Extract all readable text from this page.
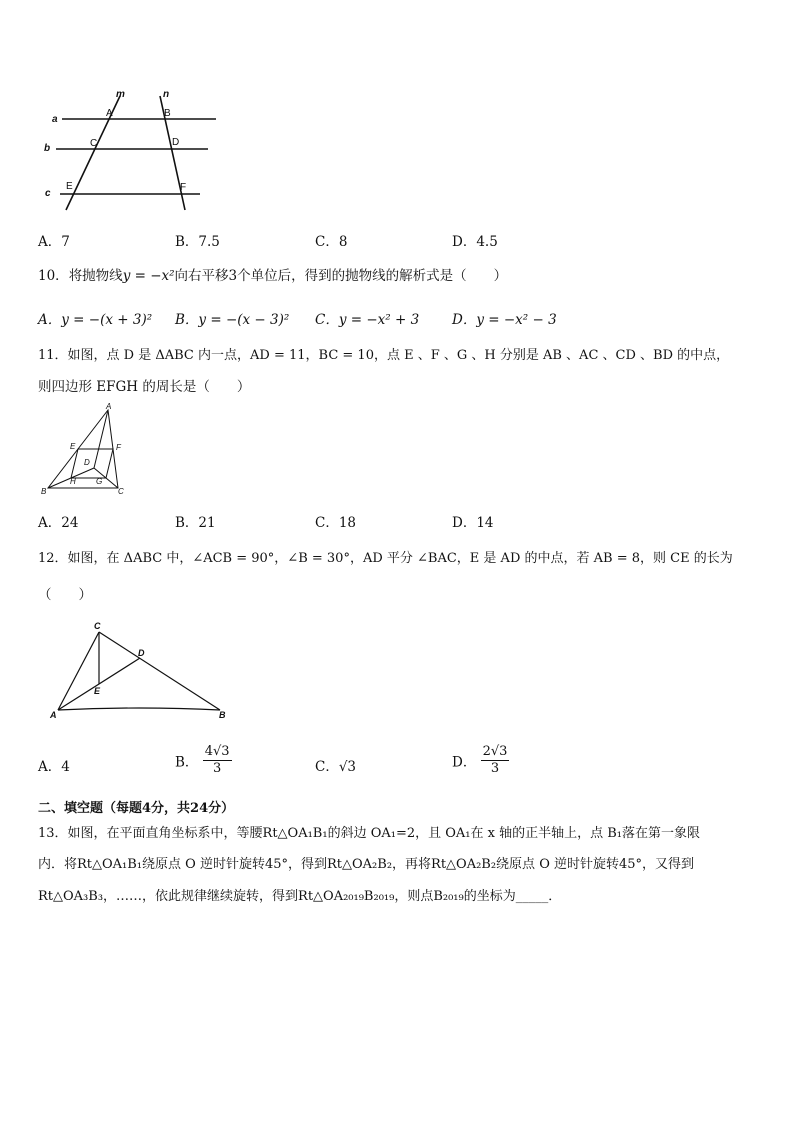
m	n
a
b
c
A	B
C	D
E	F
A．7	B．7.5	C．8	D．4.5
10．将抛物线y = −x²向右平移3个单位后，得到的抛物线的解析式是（　　）
A．y = −(x + 3)² B．y = −(x − 3)² C．y = −x² + 3 D．y = −x² − 3
11．如图，点 D 是 ΔABC 内一点，AD = 11，BC = 10，点 E 、F 、G 、H 分别是 AB 、AC 、CD 、BD 的中点，
则四边形 EFGH 的周长是（　　）
A
E	F
D
H	G
B	C
A．24	B．21	C．18	D．14
12．如图，在 ΔABC 中，∠ACB = 90°，∠B = 30°，AD 平分 ∠BAC，E 是 AD 的中点，若 AB = 8，则 CE 的长为
（　　）
C
D
E
A	B
A．4	B． $\frac{4√3}{3}$	C．√3	D． $\frac{2√3}{3}$
二、填空题（每题4分，共24分）
13．如图，在平面直角坐标系中，等腰Rt△OA₁B₁的斜边 OA₁=2，且 OA₁在 x 轴的正半轴上，点 B₁落在第一象限
内．将Rt△OA₁B₁绕原点 O 逆时针旋转45°，得到Rt△OA₂B₂，再将Rt△OA₂B₂绕原点 O 逆时针旋转45°，又得到
Rt△OA₃B₃，……，依此规律继续旋转，得到Rt△OA₂₀₁₉B₂₀₁₉，则点B₂₀₁₉的坐标为_____．
